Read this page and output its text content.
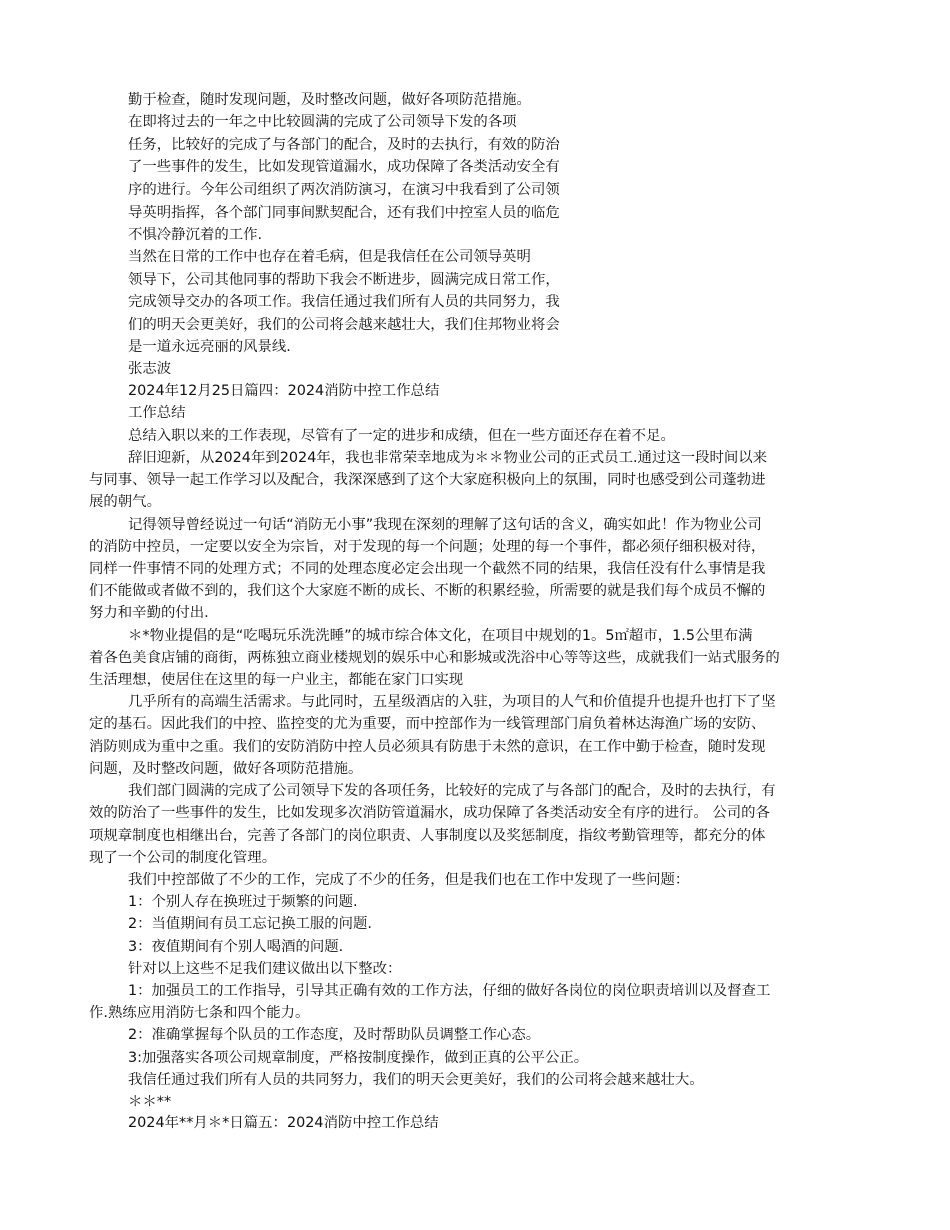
勤于检查，随时发现问题，及时整改问题，做好各项防范措施。
在即将过去的一年之中比较圆满的完成了公司领导下发的各项
任务，比较好的完成了与各部门的配合，及时的去执行，有效的防治
了一些事件的发生，比如发现管道漏水，成功保障了各类活动安全有
序的进行。今年公司组织了两次消防演习，在演习中我看到了公司领
导英明指挥，各个部门同事间默契配合，还有我们中控室人员的临危
不惧冷静沉着的工作.
当然在日常的工作中也存在着毛病，但是我信任在公司领导英明
领导下，公司其他同事的帮助下我会不断进步，圆满完成日常工作，
完成领导交办的各项工作。我信任通过我们所有人员的共同努力，我
们的明天会更美好，我们的公司将会越来越壮大，我们住邦物业将会
是一道永远亮丽的风景线.
张志波
2024年12月25日篇四：2024消防中控工作总结
工作总结
总结入职以来的工作表现，尽管有了一定的进步和成绩，但在一些方面还存在着不足。
辞旧迎新，从2024年到2024年，我也非常荣幸地成为＊＊物业公司的正式员工.通过这一段时间以来
与同事、领导一起工作学习以及配合，我深深感到了这个大家庭积极向上的氛围，同时也感受到公司蓬勃进
展的朝气。
记得领导曾经说过一句话“消防无小事”我现在深刻的理解了这句话的含义，确实如此！作为物业公司
的消防中控员，一定要以安全为宗旨，对于发现的每一个问题；处理的每一个事件，都必须仔细积极对待，
同样一件事情不同的处理方式；不同的处理态度必定会出现一个截然不同的结果，我信任没有什么事情是我
们不能做或者做不到的，我们这个大家庭不断的成长、不断的积累经验，所需要的就是我们每个成员不懈的
努力和辛勤的付出.
＊*物业提倡的是“吃喝玩乐洗洗睡”的城市综合体文化，在项目中规划的1。5㎡超市，1.5公里布满
着各色美食店铺的商街，两栋独立商业楼规划的娱乐中心和影城或洗浴中心等等这些，成就我们一站式服务的
生活理想，使居住在这里的每一户业主，都能在家门口实现
几乎所有的高端生活需求。与此同时，五星级酒店的入驻，为项目的人气和价值提升也提升也打下了坚
定的基石。因此我们的中控、监控变的尤为重要，而中控部作为一线管理部门肩负着林达海渔广场的安防、
消防则成为重中之重。我们的安防消防中控人员必须具有防患于未然的意识，在工作中勤于检查，随时发现
问题，及时整改问题，做好各项防范措施。
我们部门圆满的完成了公司领导下发的各项任务，比较好的完成了与各部门的配合，及时的去执行，有
效的防治了一些事件的发生，比如发现多次消防管道漏水，成功保障了各类活动安全有序的进行。 公司的各
项规章制度也相继出台，完善了各部门的岗位职责、人事制度以及奖惩制度，指纹考勤管理等，都充分的体
现了一个公司的制度化管理。
我们中控部做了不少的工作，完成了不少的任务，但是我们也在工作中发现了一些问题：
1：个别人存在换班过于频繁的问题.
2：当值期间有员工忘记换工服的问题.
3：夜值期间有个别人喝酒的问题.
针对以上这些不足我们建议做出以下整改：
1：加强员工的工作指导，引导其正确有效的工作方法，仔细的做好各岗位的岗位职责培训以及督查工
作.熟练应用消防七条和四个能力。
2：准确掌握每个队员的工作态度，及时帮助队员调整工作心态。
3:加强落实各项公司规章制度，严格按制度操作，做到正真的公平公正。
我信任通过我们所有人员的共同努力，我们的明天会更美好，我们的公司将会越来越壮大。
＊＊**
2024年**月＊*日篇五：2024消防中控工作总结
